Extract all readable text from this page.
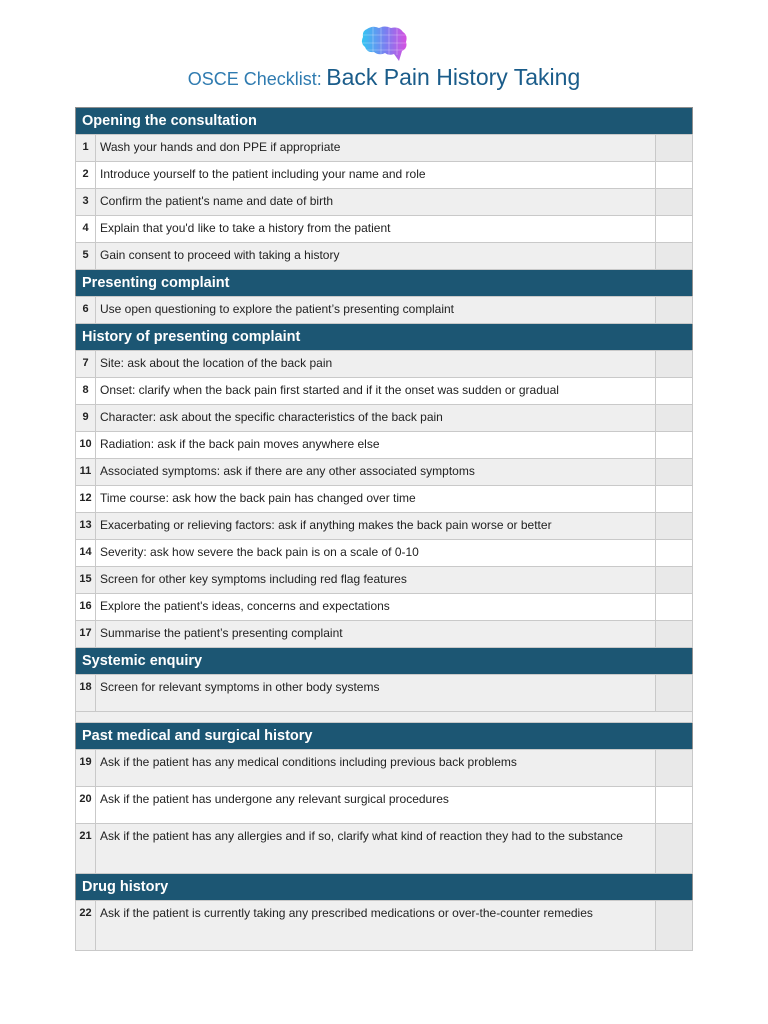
OSCE Checklist: Back Pain History Taking
Opening the consultation		
1	Wash your hands and don PPE if appropriate	
2	Introduce yourself to the patient including your name and role	
3	Confirm the patient's name and date of birth	
4	Explain that you'd like to take a history from the patient	
5	Gain consent to proceed with taking a history	
Presenting complaint		
6	Use open questioning to explore the patient’s presenting complaint	
History of presenting complaint		
7	Site: ask about the location of the back pain	
8	Onset: clarify when the back pain first started and if it the onset was sudden or gradual	
9	Character: ask about the specific characteristics of the back pain	
10	Radiation: ask if the back pain moves anywhere else	
11	Associated symptoms: ask if there are any other associated symptoms	
12	Time course: ask how the back pain has changed over time	
13	Exacerbating or relieving factors: ask if anything makes the back pain worse or better	
14	Severity: ask how severe the back pain is on a scale of 0-10	
15	Screen for other key symptoms including red flag features	
16	Explore the patient's ideas, concerns and expectations	
17	Summarise the patient’s presenting complaint	
Systemic enquiry		
18	Screen for relevant symptoms in other body systems	

Past medical and surgical history		
19	Ask if the patient has any medical conditions including previous back problems	
20	Ask if the patient has undergone any relevant surgical procedures	
21	Ask if the patient has any allergies and if so, clarify what kind of reaction they had to the substance	
Drug history		
22	Ask if the patient is currently taking any prescribed medications or over-the-counter remedies	
